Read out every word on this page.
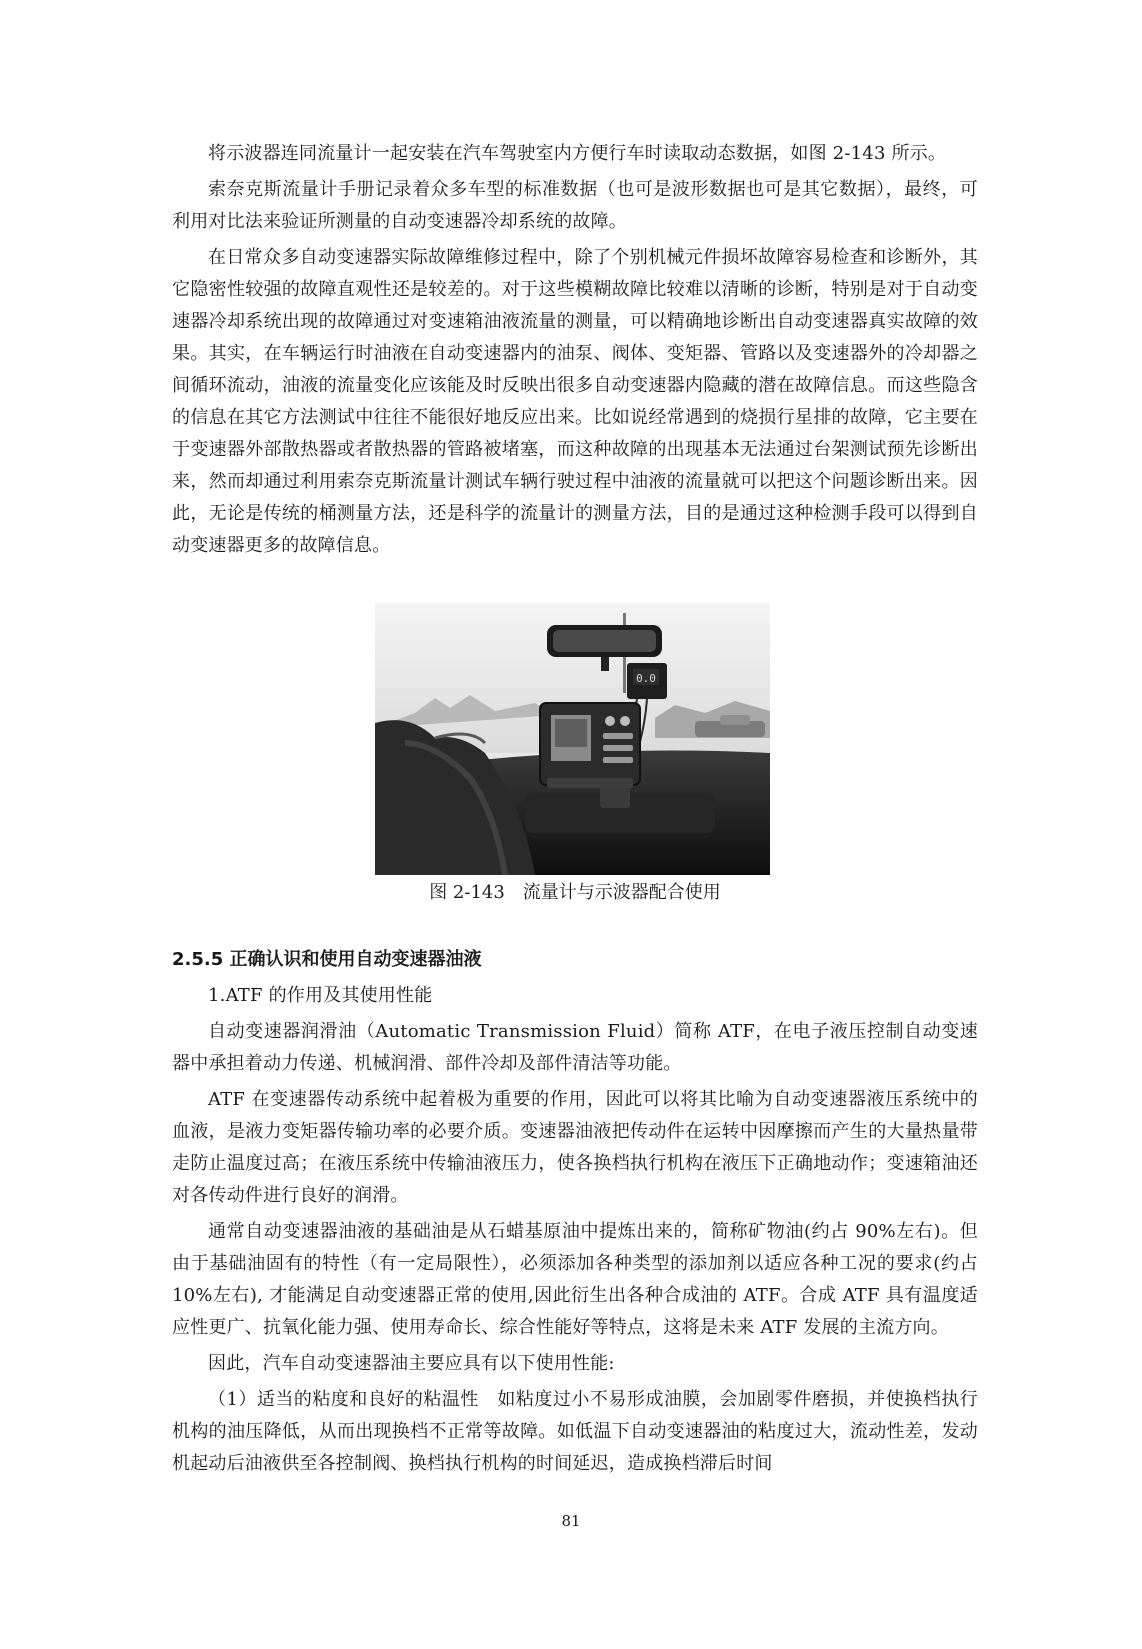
将示波器连同流量计一起安装在汽车驾驶室内方便行车时读取动态数据，如图 2-143 所示。

索奈克斯流量计手册记录着众多车型的标准数据（也可是波形数据也可是其它数据），最终，可利用对比法来验证所测量的自动变速器冷却系统的故障。

在日常众多自动变速器实际故障维修过程中，除了个别机械元件损坏故障容易检查和诊断外，其它隐密性较强的故障直观性还是较差的。对于这些模糊故障比较难以清晰的诊断，特别是对于自动变速器冷却系统出现的故障通过对变速箱油液流量的测量，可以精确地诊断出自动变速器真实故障的效果。其实，在车辆运行时油液在自动变速器内的油泵、阀体、变矩器、管路以及变速器外的冷却器之间循环流动，油液的流量变化应该能及时反映出很多自动变速器内隐藏的潜在故障信息。而这些隐含的信息在其它方法测试中往往不能很好地反应出来。比如说经常遇到的烧损行星排的故障，它主要在于变速器外部散热器或者散热器的管路被堵塞，而这种故障的出现基本无法通过台架测试预先诊断出来，然而却通过利用索奈克斯流量计测试车辆行驶过程中油液的流量就可以把这个问题诊断出来。因此，无论是传统的桶测量方法，还是科学的流量计的测量方法，目的是通过这种检测手段可以得到自动变速器更多的故障信息。

0.0
图 2-143　流量计与示波器配合使用

2.5.5 正确认识和使用自动变速器油液

1.ATF 的作用及其使用性能

自动变速器润滑油（Automatic Transmission Fluid）简称 ATF，在电子液压控制自动变速器中承担着动力传递、机械润滑、部件冷却及部件清洁等功能。

ATF 在变速器传动系统中起着极为重要的作用，因此可以将其比喻为自动变速器液压系统中的血液，是液力变矩器传输功率的必要介质。变速器油液把传动件在运转中因摩擦而产生的大量热量带走防止温度过高；在液压系统中传输油液压力，使各换档执行机构在液压下正确地动作；变速箱油还对各传动件进行良好的润滑。

通常自动变速器油液的基础油是从石蜡基原油中提炼出来的，简称矿物油(约占 90%左右)。但由于基础油固有的特性（有一定局限性），必须添加各种类型的添加剂以适应各种工况的要求(约占 10%左右), 才能满足自动变速器正常的使用,因此衍生出各种合成油的 ATF。合成 ATF 具有温度适应性更广、抗氧化能力强、使用寿命长、综合性能好等特点，这将是未来 ATF 发展的主流方向。

因此，汽车自动变速器油主要应具有以下使用性能:

（1）适当的粘度和良好的粘温性　如粘度过小不易形成油膜，会加剧零件磨损，并使换档执行机构的油压降低，从而出现换档不正常等故障。如低温下自动变速器油的粘度过大，流动性差，发动机起动后油液供至各控制阀、换档执行机构的时间延迟，造成换档滞后时间

81
